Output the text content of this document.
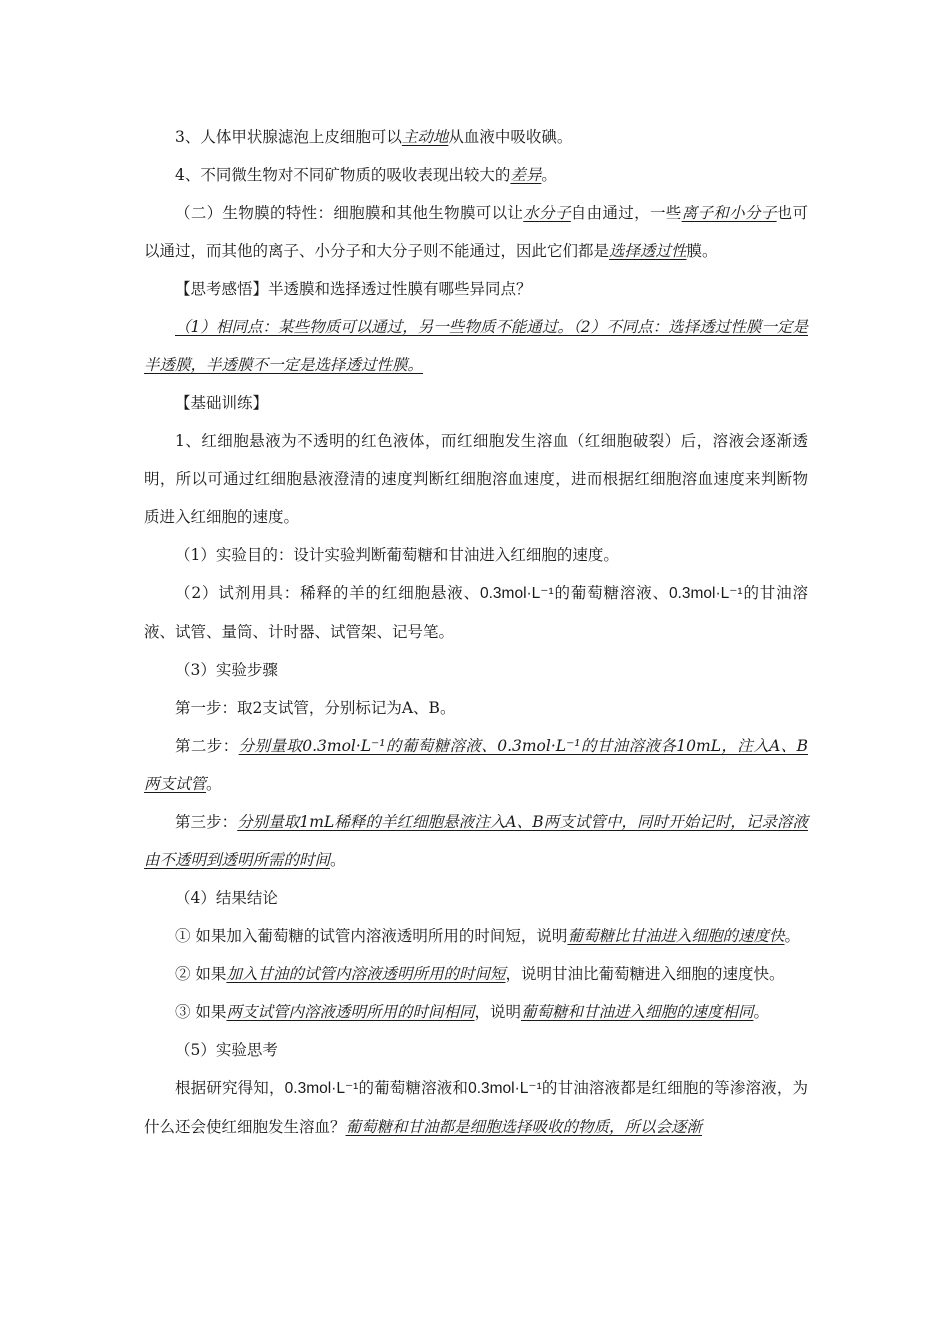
3、人体甲状腺滤泡上皮细胞可以主动地从血液中吸收碘。

4、不同微生物对不同矿物质的吸收表现出较大的差异。

（二）生物膜的特性：细胞膜和其他生物膜可以让水分子自由通过，一些离子和小分子也可以通过，而其他的离子、小分子和大分子则不能通过，因此它们都是选择透过性膜。

【思考感悟】半透膜和选择透过性膜有哪些异同点？

（1）相同点：某些物质可以通过，另一些物质不能通过。（2）不同点：选择透过性膜一定是半透膜，半透膜不一定是选择透过性膜。

【基础训练】

1、红细胞悬液为不透明的红色液体，而红细胞发生溶血（红细胞破裂）后，溶液会逐渐透明，所以可通过红细胞悬液澄清的速度判断红细胞溶血速度，进而根据红细胞溶血速度来判断物质进入红细胞的速度。

（1）实验目的：设计实验判断葡萄糖和甘油进入红细胞的速度。

（2）试剂用具：稀释的羊的红细胞悬液、0.3mol·L⁻¹的葡萄糖溶液、0.3mol·L⁻¹的甘油溶液、试管、量筒、计时器、试管架、记号笔。

（3）实验步骤

第一步：取2支试管，分别标记为A、B。

第二步：分别量取0.3mol·L⁻¹的葡萄糖溶液、0.3mol·L⁻¹的甘油溶液各10mL，注入A、B两支试管。

第三步：分别量取1mL稀释的羊红细胞悬液注入A、B两支试管中，同时开始记时，记录溶液由不透明到透明所需的时间。

（4）结果结论

① 如果加入葡萄糖的试管内溶液透明所用的时间短，说明葡萄糖比甘油进入细胞的速度快。

② 如果加入甘油的试管内溶液透明所用的时间短，说明甘油比葡萄糖进入细胞的速度快。

③ 如果两支试管内溶液透明所用的时间相同，说明葡萄糖和甘油进入细胞的速度相同。

（5）实验思考

根据研究得知，0.3mol·L⁻¹的葡萄糖溶液和0.3mol·L⁻¹的甘油溶液都是红细胞的等渗溶液，为什么还会使红细胞发生溶血？葡萄糖和甘油都是细胞选择吸收的物质，所以会逐渐
